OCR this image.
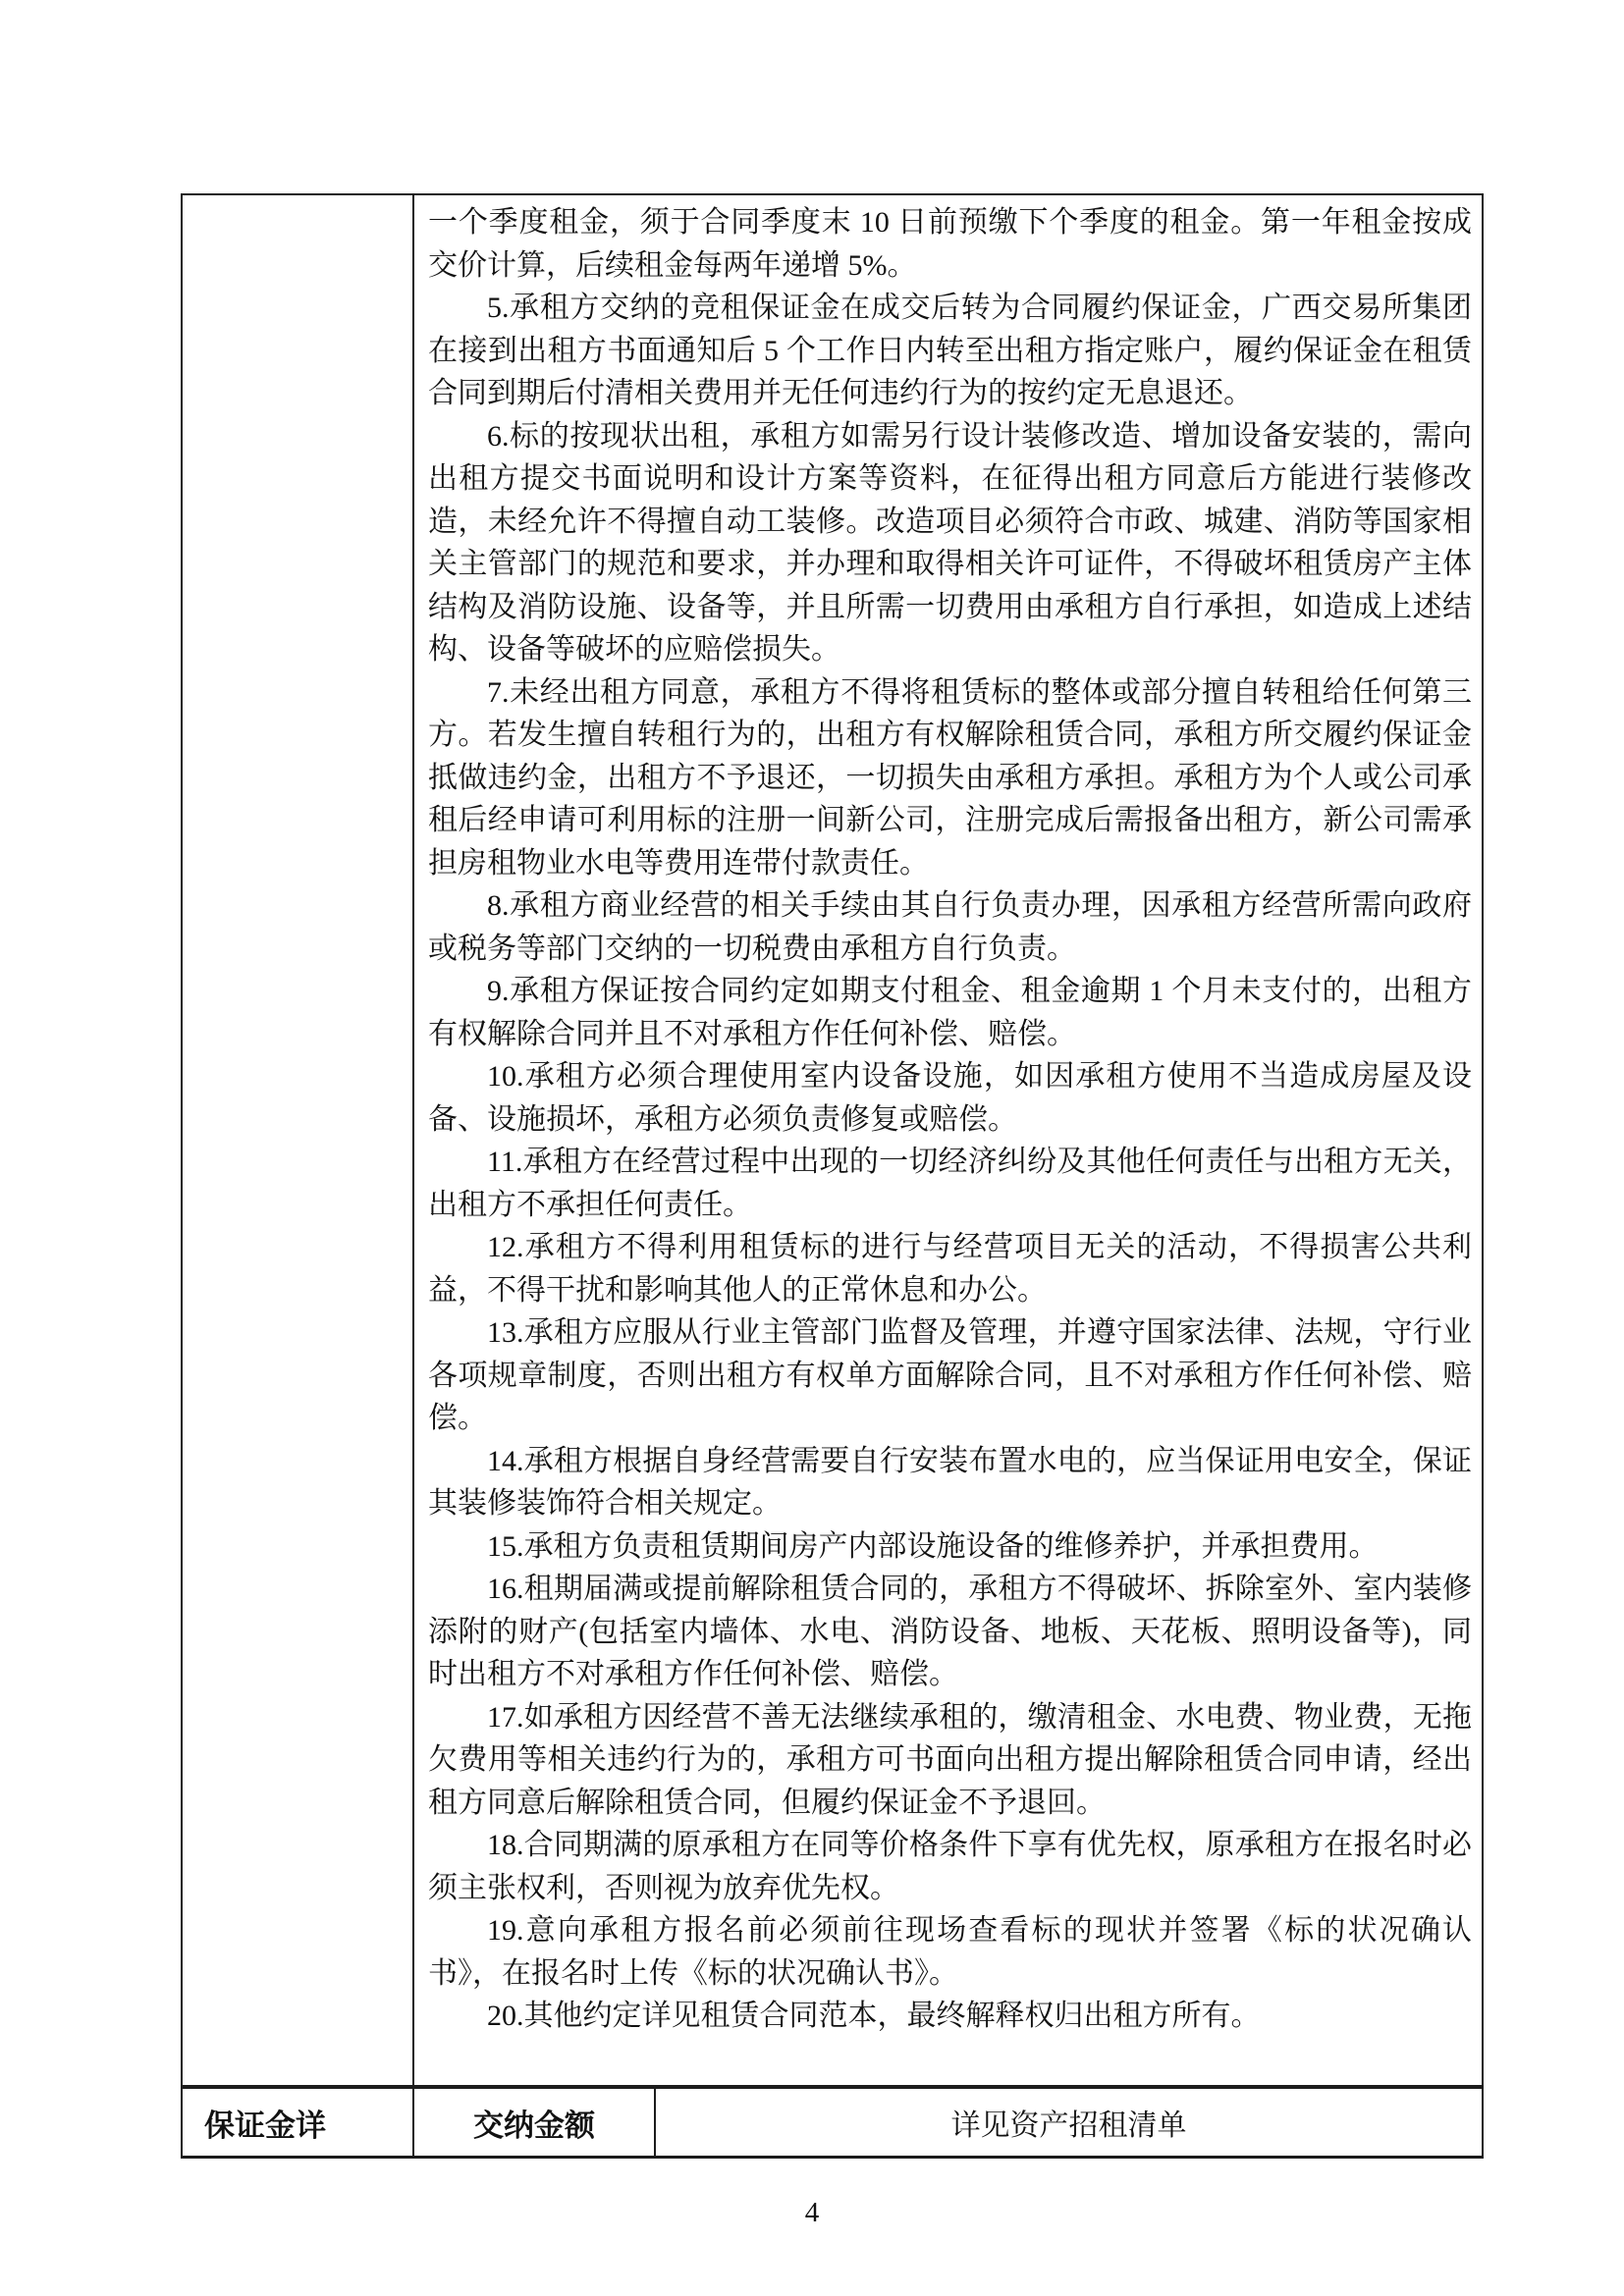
一个季度租金，须于合同季度末 10 日前预缴下个季度的租金。第一年租金按成交价计算，后续租金每两年递增 5%。

5.承租方交纳的竞租保证金在成交后转为合同履约保证金，广西交易所集团在接到出租方书面通知后 5 个工作日内转至出租方指定账户，履约保证金在租赁合同到期后付清相关费用并无任何违约行为的按约定无息退还。

6.标的按现状出租，承租方如需另行设计装修改造、增加设备安装的，需向出租方提交书面说明和设计方案等资料，在征得出租方同意后方能进行装修改造，未经允许不得擅自动工装修。改造项目必须符合市政、城建、消防等国家相关主管部门的规范和要求，并办理和取得相关许可证件，不得破坏租赁房产主体结构及消防设施、设备等，并且所需一切费用由承租方自行承担，如造成上述结构、设备等破坏的应赔偿损失。

7.未经出租方同意，承租方不得将租赁标的整体或部分擅自转租给任何第三方。若发生擅自转租行为的，出租方有权解除租赁合同，承租方所交履约保证金抵做违约金，出租方不予退还，一切损失由承租方承担。承租方为个人或公司承租后经申请可利用标的注册一间新公司，注册完成后需报备出租方，新公司需承担房租物业水电等费用连带付款责任。

8.承租方商业经营的相关手续由其自行负责办理，因承租方经营所需向政府或税务等部门交纳的一切税费由承租方自行负责。

9.承租方保证按合同约定如期支付租金、租金逾期 1 个月未支付的，出租方有权解除合同并且不对承租方作任何补偿、赔偿。

10.承租方必须合理使用室内设备设施，如因承租方使用不当造成房屋及设备、设施损坏，承租方必须负责修复或赔偿。

11.承租方在经营过程中出现的一切经济纠纷及其他任何责任与出租方无关，出租方不承担任何责任。

12.承租方不得利用租赁标的进行与经营项目无关的活动，不得损害公共利益，不得干扰和影响其他人的正常休息和办公。

13.承租方应服从行业主管部门监督及管理，并遵守国家法律、法规，守行业各项规章制度，否则出租方有权单方面解除合同，且不对承租方作任何补偿、赔偿。

14.承租方根据自身经营需要自行安装布置水电的，应当保证用电安全，保证其装修装饰符合相关规定。

15.承租方负责租赁期间房产内部设施设备的维修养护，并承担费用。

16.租期届满或提前解除租赁合同的，承租方不得破坏、拆除室外、室内装修添附的财产(包括室内墙体、水电、消防设备、地板、天花板、照明设备等)，同时出租方不对承租方作任何补偿、赔偿。

17.如承租方因经营不善无法继续承租的，缴清租金、水电费、物业费，无拖欠费用等相关违约行为的，承租方可书面向出租方提出解除租赁合同申请，经出租方同意后解除租赁合同，但履约保证金不予退回。

18.合同期满的原承租方在同等价格条件下享有优先权，原承租方在报名时必须主张权利，否则视为放弃优先权。

19.意向承租方报名前必须前往现场查看标的现状并签署《标的状况确认书》，在报名时上传《标的状况确认书》。

20.其他约定详见租赁合同范本，最终解释权归出租方所有。

保证金详	交纳金额	详见资产招租清单
4
